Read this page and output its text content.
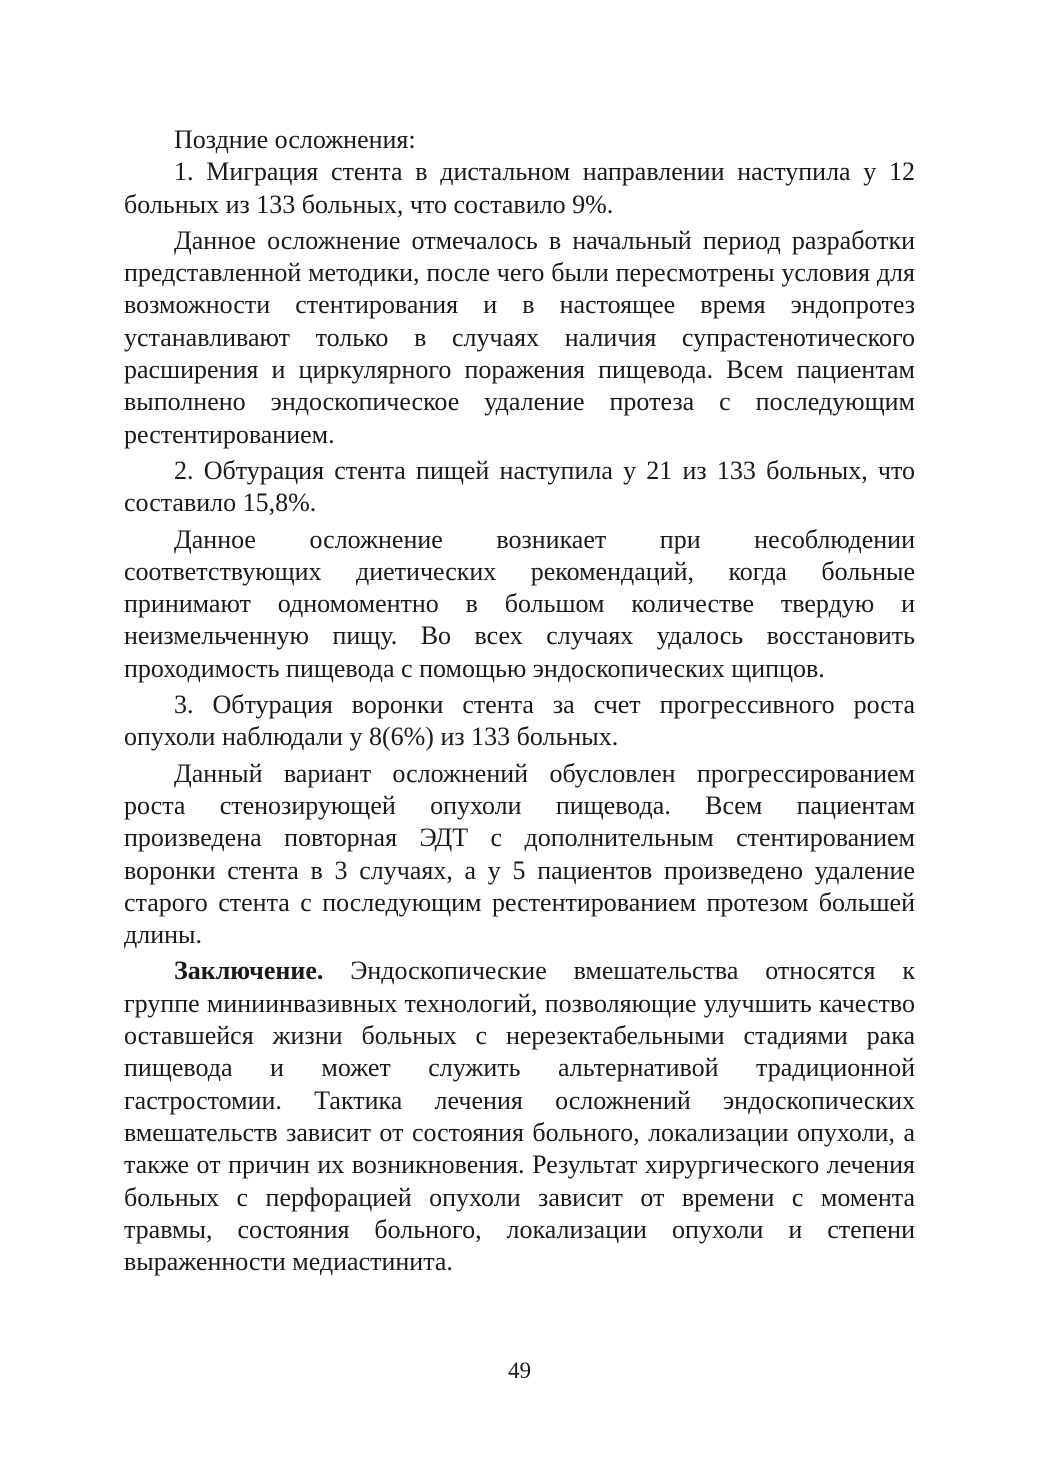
Поздние осложнения:

1. Миграция стента в дистальном направлении наступила у 12 больных из 133 больных, что составило 9%.

Данное осложнение отмечалось в начальный период разработки представленной методики, после чего были пересмотрены условия для возможности стентирования и в настоящее время эндопротез устанавливают только в случаях наличия супрастенотического расширения и циркулярного поражения пищевода. Всем пациентам выполнено эндоскопическое удаление протеза с последующим рестентированием.

2. Обтурация стента пищей наступила у 21 из 133 больных, что составило 15,8%.

Данное осложнение возникает при несоблюдении соответствующих диетических рекомендаций, когда больные принимают одномоментно в большом количестве твердую и неизмельченную пищу. Во всех случаях удалось восстановить проходимость пищевода с помощью эндоскопических щипцов.

3. Обтурация воронки стента за счет прогрессивного роста опухоли наблюдали у 8(6%) из 133 больных.

Данный вариант осложнений обусловлен прогрессированием роста стенозирующей опухоли пищевода. Всем пациентам произведена повторная ЭДТ с дополнительным стентированием воронки стента в 3 случаях, а у 5 пациентов произведено удаление старого стента с последующим рестентированием протезом большей длины.

Заключение. Эндоскопические вмешательства относятся к группе миниинвазивных технологий, позволяющие улучшить качество оставшейся жизни больных с нерезектабельными стадиями рака пищевода и может служить альтернативой традиционной гастростомии. Тактика лечения осложнений эндоскопических вмешательств зависит от состояния больного, локализации опухоли, а также от причин их возникновения. Результат хирургического лечения больных с перфорацией опухоли зависит от времени с момента травмы, состояния больного, локализации опухоли и степени выраженности медиастинита.

49
